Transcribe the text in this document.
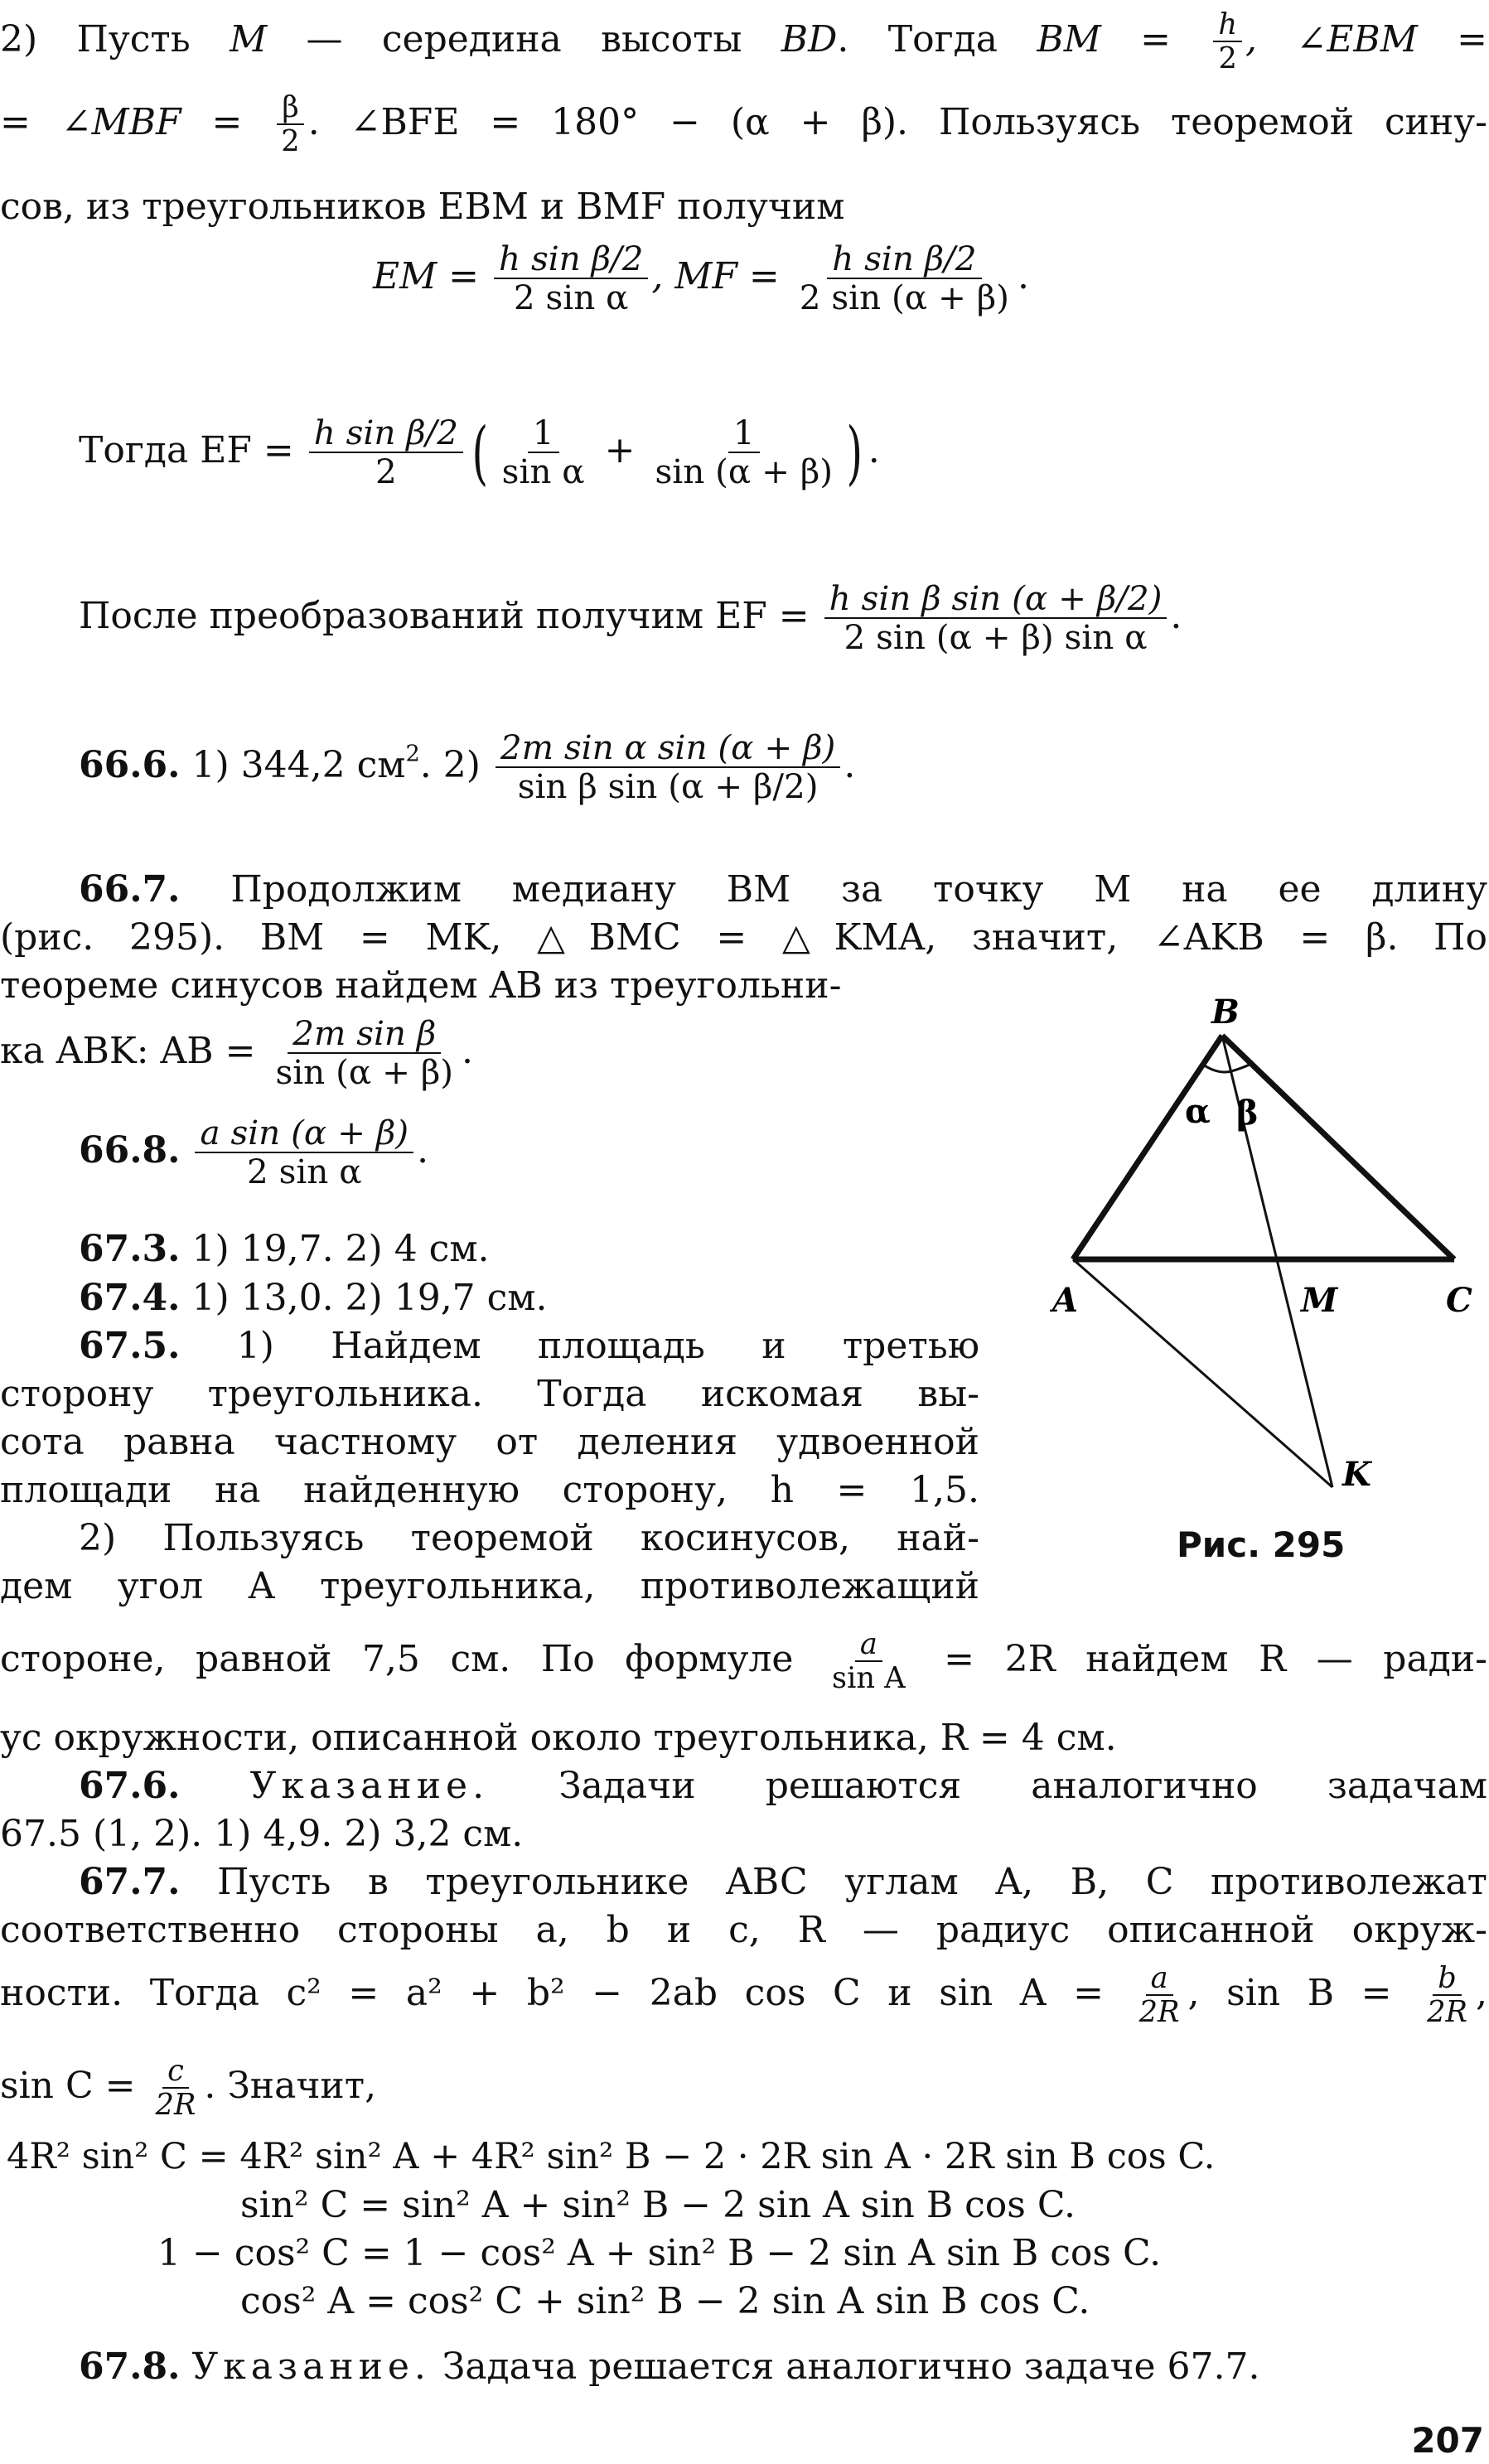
2) Пусть M — середина высоты BD. Тогда BM = $\frac{h}{2}$ , ∠EBM =
= ∠MBF = $\frac{\beta}{2}$ . ∠BFE = 180° − (α + β). Пользуясь теоремой сину-
сов, из треугольников EBM и BMF получим
EM = $\frac{\text{h sin β/2}}{\text{2 sin α}}$ , MF = $\frac{\text{h sin β/2}}{2 \sin (\alpha + \beta)}$ .
Тогда EF = $\frac{\text{h sin β/2}}{2}$ ( $\frac{1}{\text{sin α}} + \frac{1}{\sin (\alpha + \beta)}$ ) .
После преобразований получим EF = $\frac{\text{h sin β sin (α + β/2)}}{\text{2 sin (α + β) sin α}}$ .
66.6. 1) 344,2 $см^2$. $2) \frac{\text{2m sin α sin (α + β)}}{\text{sin β sin (α + β/2)}}$ .
66.7. Продолжим медиану BM за точку M на ее длину
(рис. 295). BM = MK, △BMC = △KMA, значит, ∠AKB = β. По
теореме синусов найдем AB из треугольни-
ка ABK: AB = $\frac{\text{2m sin β}}{\sin (\alpha + \beta)}$ .
66.8. $\frac{\text{a sin (α + β)}}{\text{2 sin α}}$ .
67.3. 1) 19,7. 2) 4 см.
67.4. 1) 13,0. 2) 19,7 см.
67.5. 1) Найдем площадь и третью
сторону треугольника. Тогда искомая вы-
сота равна частному от деления удвоенной
площади на найденную сторону, h = 1,5.
2) Пользуясь теоремой косинусов, най-
дем угол A треугольника, противолежащий
стороне, равной 7,5 см. По формуле $\frac{a}{\text{sin A}} = 2R$ найдем R — ради-
ус окружности, описанной около треугольника, R = 4 см.
67.6. Указание. Задачи решаются аналогично задачам
67.5 (1, 2). 1) 4,9. 2) 3,2 см.
67.7. Пусть в треугольнике ABC углам A, B, C противолежат
соответственно стороны a, b и c, R — радиус описанной окруж-
ности. Тогда c² = a² + b² − 2ab cos C и $\sin A = \frac{a}{2R}$ , $\sin B = \frac{b}{2R}$ ,
$\sin C = \frac{c}{2R}$ . Значит,
4R² sin² C = 4R² sin² A + 4R² sin² B − 2 · 2R sin A · 2R sin B cos C.
sin² C = sin² A + sin² B − 2 sin A sin B cos C.
1 − cos² C = 1 − cos² A + sin² B − 2 sin A sin B cos C.
cos² A = cos² C + sin² B − 2 sin A sin B cos C.
67.8. Указание. Задача решается аналогично задаче 67.7.
B
α β
A	M	C
K
Рис. 295
207
